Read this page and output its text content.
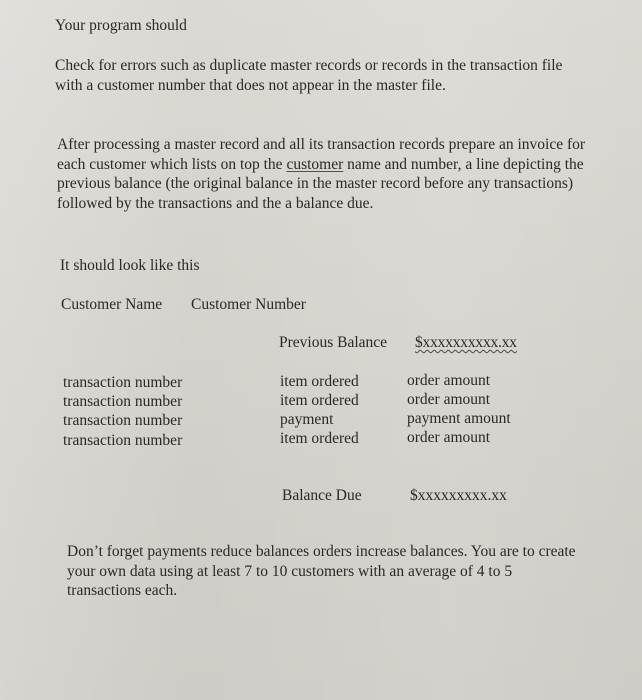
Your program should

Check for errors such as duplicate master records or records in the transaction file with a customer number that does not appear in the master file.

After processing a master record and all its transaction records prepare an invoice for each customer which lists on top the customer name and number, a line depicting the previous balance (the original balance in the master record before any transactions) followed by the transactions and the a balance due.

It should look like this

Customer Name Customer Number

Previous Balance $xxxxxxxxxx.xx

transaction number	item ordered	order amount

transaction number	item ordered	order amount

transaction number	payment	payment amount

transaction number	item ordered	order amount

Balance Due	$xxxxxxxxx.xx

Don’t forget payments reduce balances orders increase balances. You are to create your own data using at least 7 to 10 customers with an average of 4 to 5 transactions each.
